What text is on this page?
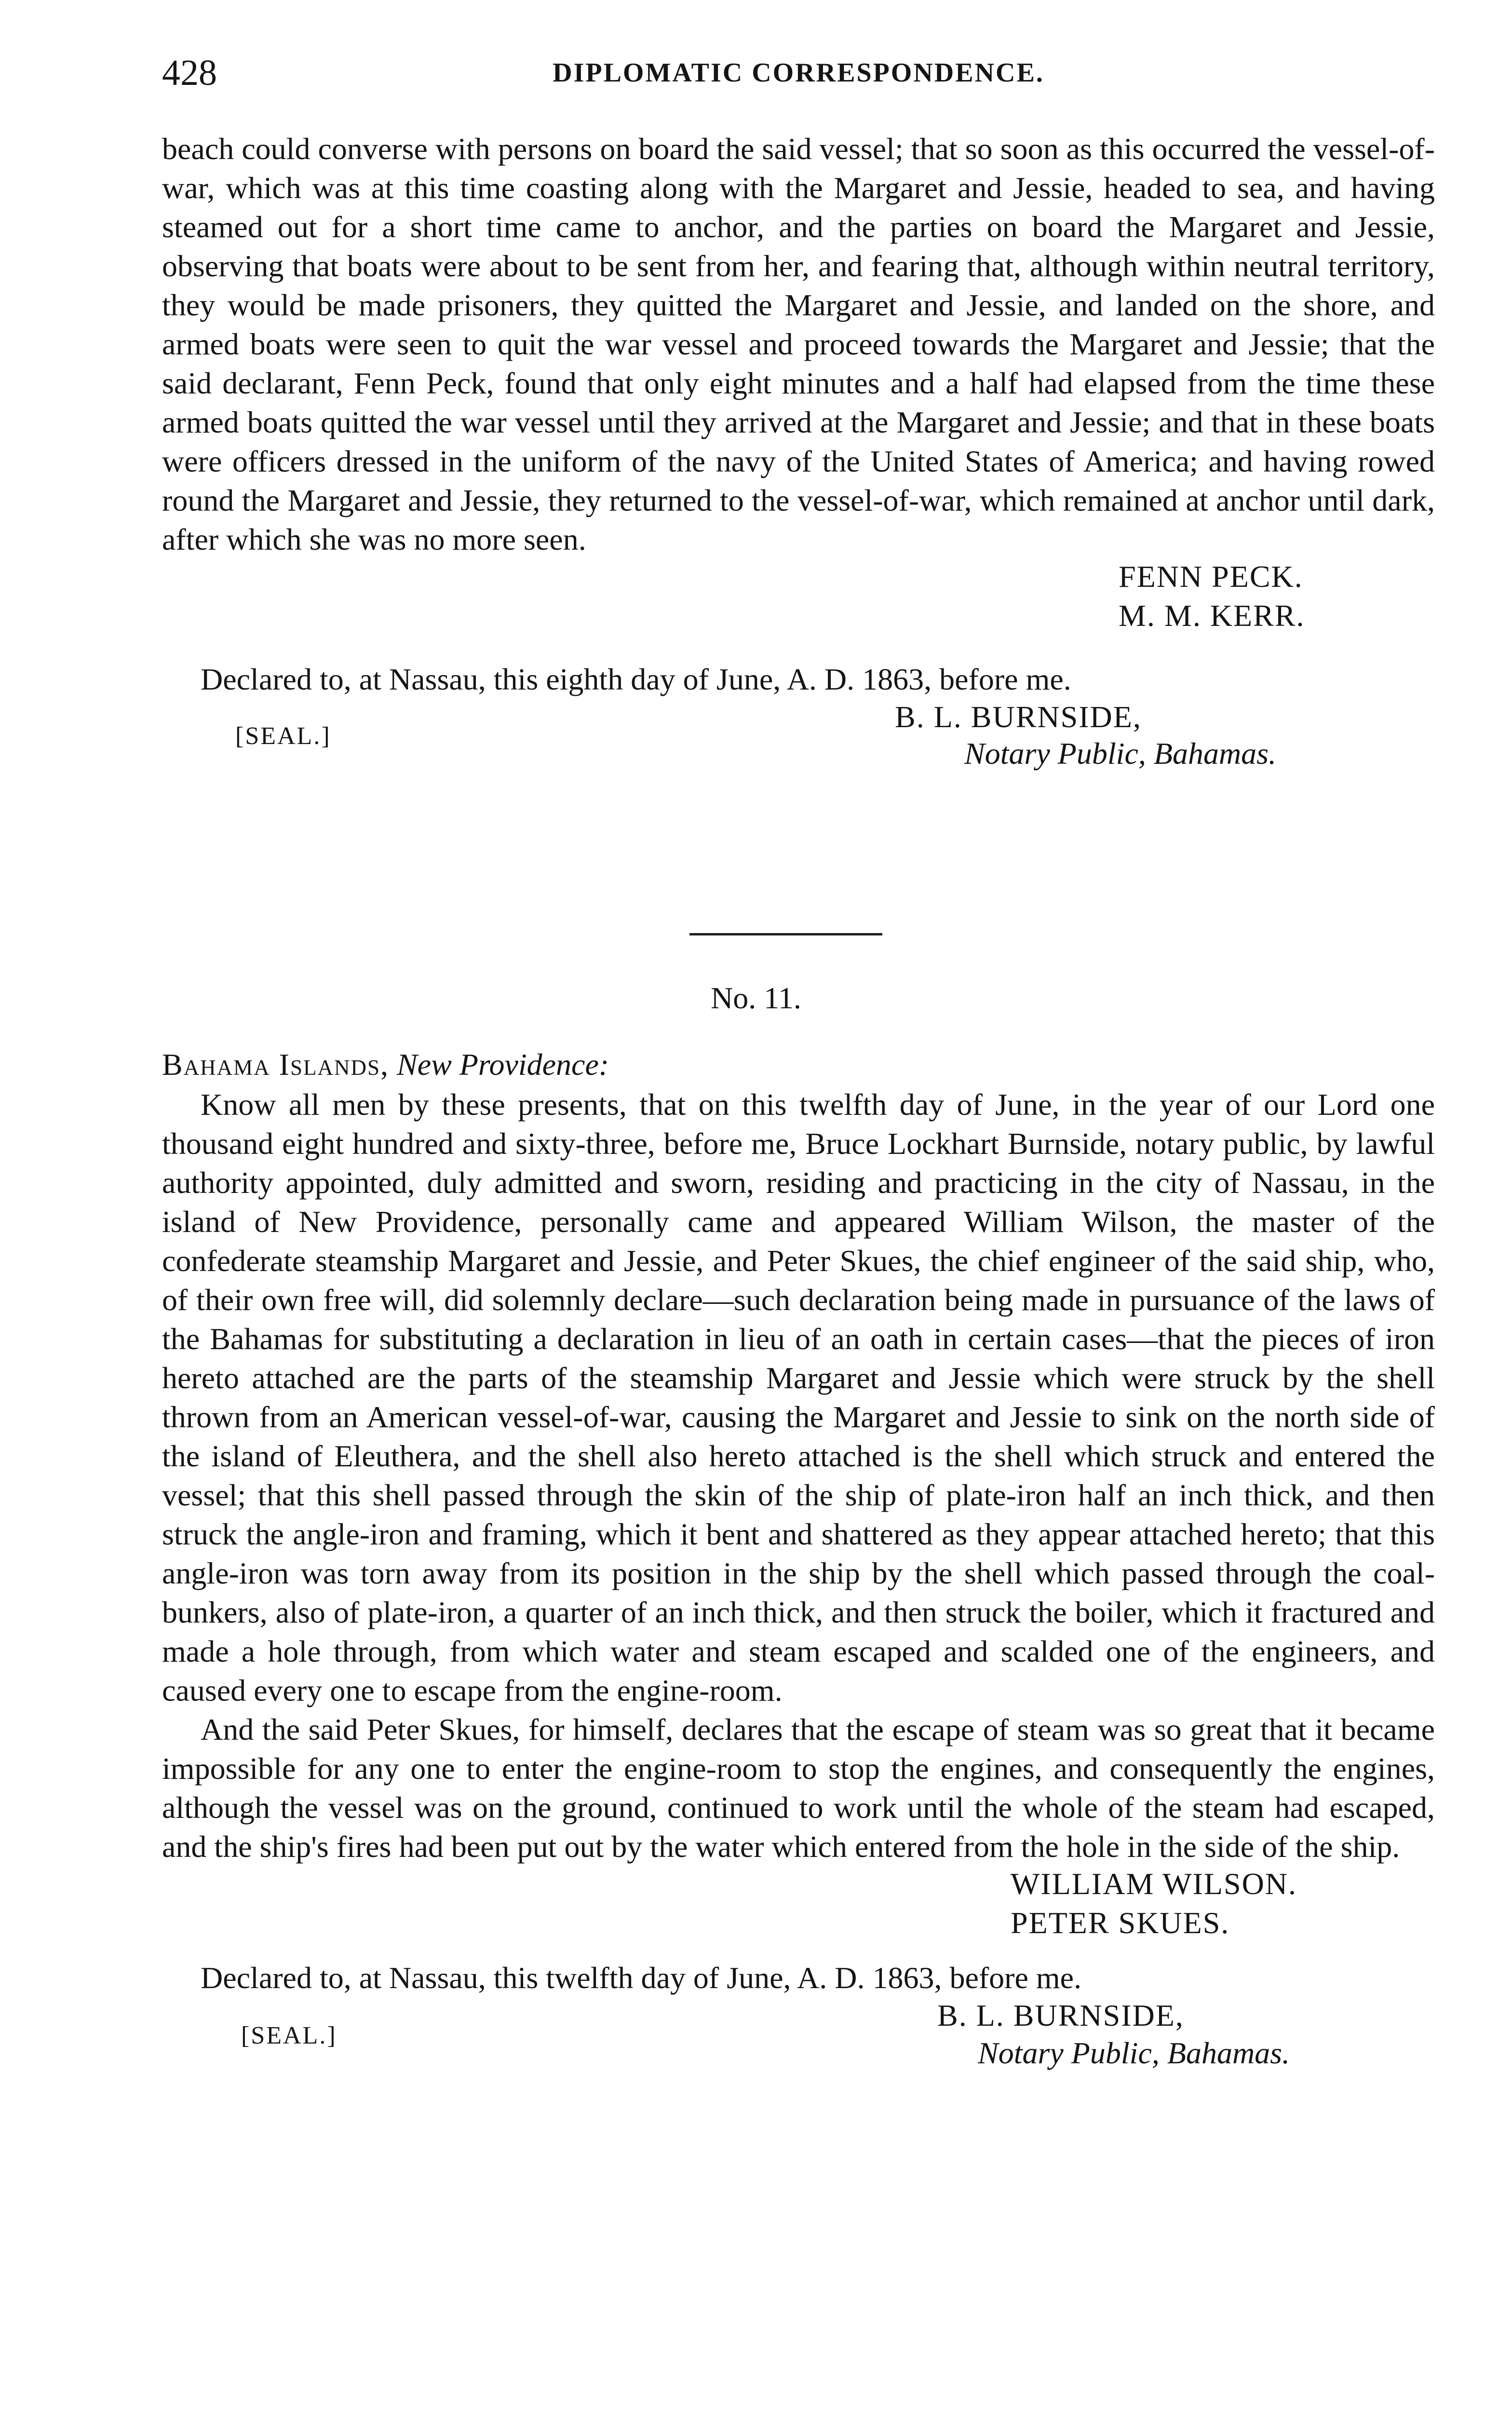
428	DIPLOMATIC CORRESPONDENCE.

beach could converse with persons on board the said vessel; that so soon as this occurred the vessel-of-war, which was at this time coasting along with the Margaret and Jessie, headed to sea, and having steamed out for a short time came to anchor, and the parties on board the Margaret and Jessie, observing that boats were about to be sent from her, and fearing that, although within neutral territory, they would be made prisoners, they quitted the Margaret and Jessie, and landed on the shore, and armed boats were seen to quit the war vessel and proceed towards the Margaret and Jessie; that the said declarant, Fenn Peck, found that only eight minutes and a half had elapsed from the time these armed boats quitted the war vessel until they arrived at the Margaret and Jessie; and that in these boats were officers dressed in the uniform of the navy of the United States of America; and having rowed round the Margaret and Jessie, they returned to the vessel-of-war, which remained at anchor until dark, after which she was no more seen.

FENN PECK.
M. M. KERR.
Declared to, at Nassau, this eighth day of June, A. D. 1863, before me.
B. L. BURNSIDE,
[SEAL.]
Notary Public, Bahamas.
No. 11.
Bahama Islands, New Providence:

Know all men by these presents, that on this twelfth day of June, in the year of our Lord one thousand eight hundred and sixty-three, before me, Bruce Lockhart Burnside, notary public, by lawful authority appointed, duly admitted and sworn, residing and practicing in the city of Nassau, in the island of New Providence, personally came and appeared William Wilson, the master of the confederate steamship Margaret and Jessie, and Peter Skues, the chief engineer of the said ship, who, of their own free will, did solemnly declare—such declaration being made in pursuance of the laws of the Bahamas for substituting a declaration in lieu of an oath in certain cases—that the pieces of iron hereto attached are the parts of the steamship Margaret and Jessie which were struck by the shell thrown from an American vessel-of-war, causing the Margaret and Jessie to sink on the north side of the island of Eleuthera, and the shell also hereto attached is the shell which struck and entered the vessel; that this shell passed through the skin of the ship of plate-iron half an inch thick, and then struck the angle-iron and framing, which it bent and shattered as they appear attached hereto; that this angle-iron was torn away from its position in the ship by the shell which passed through the coal-bunkers, also of plate-iron, a quarter of an inch thick, and then struck the boiler, which it fractured and made a hole through, from which water and steam escaped and scalded one of the engineers, and caused every one to escape from the engine-room.

And the said Peter Skues, for himself, declares that the escape of steam was so great that it became impossible for any one to enter the engine-room to stop the engines, and consequently the engines, although the vessel was on the ground, continued to work until the whole of the steam had escaped, and the ship's fires had been put out by the water which entered from the hole in the side of the ship.

WILLIAM WILSON.
PETER SKUES.
Declared to, at Nassau, this twelfth day of June, A. D. 1863, before me.
B. L. BURNSIDE,
[SEAL.]
Notary Public, Bahamas.
